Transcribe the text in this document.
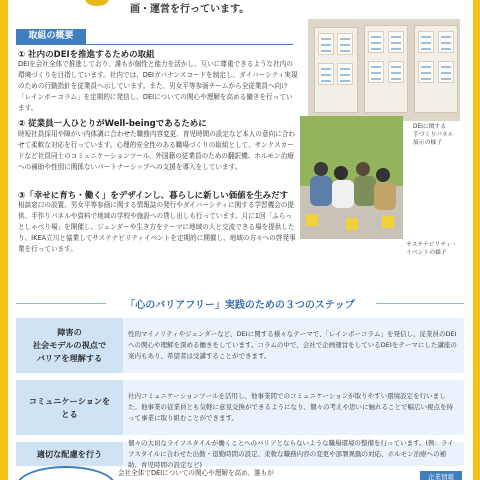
画・運営を行っています。
取組の概要
① 社内のDEIを推進するための取組
DEIを会社全体で推進しており、誰もが個性と能力を活かし、互いに尊重できるような社内の環境づくりを目指しています。社内では、DEIガバナンスコードを制定し、ダイバーシティ実現のための行動指針を従業員へ示しています。また、男女平等参画チームから全従業員へ向け「レインボーコラム」を定期的に発信し、DEIについての関心や理解を高める働きを行っています。
② 従業員一人ひとりがWell-beingであるために
時短社員採用や障がい内体調に合わせた職務内容変更、育児時間の設定など本人の意向に合わせて柔軟な対応を行っています。心理的安全性のある職場づくりの取組として、サンクスカードなど社員同士のコミュニケーションツール、外国籍の従業員のための翻訳機、ホルモン治療への補助や性別に関係ないパートナーシップへの支援を導入をしています。
③「幸せに育ち・働く」をデザインし、暮らしに新しい価値を生みだす
相談窓口の設置、男女平等参画に関する情報誌の発行やダイバーシティに関する学習機会の提供、手作りパネルや資料で地域の学校や施設への貸し出しも行っています。月に1回「ふらっとしゃべり場」を開催し、ジェンダーや生き方をテーマに地域の人と交流できる場を提供したり、IKEA立川と協業してサステナビリティイベントを定期的に開催し、地域の方々への啓発事業を行っています。
DEIに関する
手づくりパネル
展示の様子
サステナビリティ・
イベントの様子
「心のバリアフリー」実践のための３つのステップ
障害の
社会モデルの視点で
バリアを理解する
性的マイノリティやジェンダーなど、DEIに関する様々なテーマで、「レインボーコラム」を発信し、従業員のDEIへの関心や理解を深める働きをしています。コラムの中で、会社で企画運営をしているDEIをテーマにした講座の案内もあり、希望者は受講することができます。
コミュニケーションを
とる
社内コミュニケーションツールを活用し、他事業間でのコミュニケーションが取りやすい環境設定を行いました。他事業の従業員とも気軽に意見交換ができるようになり、個々の考えや思いに触れることで幅広い視点を持って事業に取り組むことができます。
適切な配慮を行う
個々の大切なライフスタイルが働くことへのバリアとならないような職場環境の整備を行っています。(例：ライフスタイルに合わせた出勤・退勤時間の設定、柔軟な職務内容の変更や部署異動の対応、ホルモン治療への補助、育児時間の設定など)
会社全体でDEIについての関心や理解を高め、誰もが	企業情報
